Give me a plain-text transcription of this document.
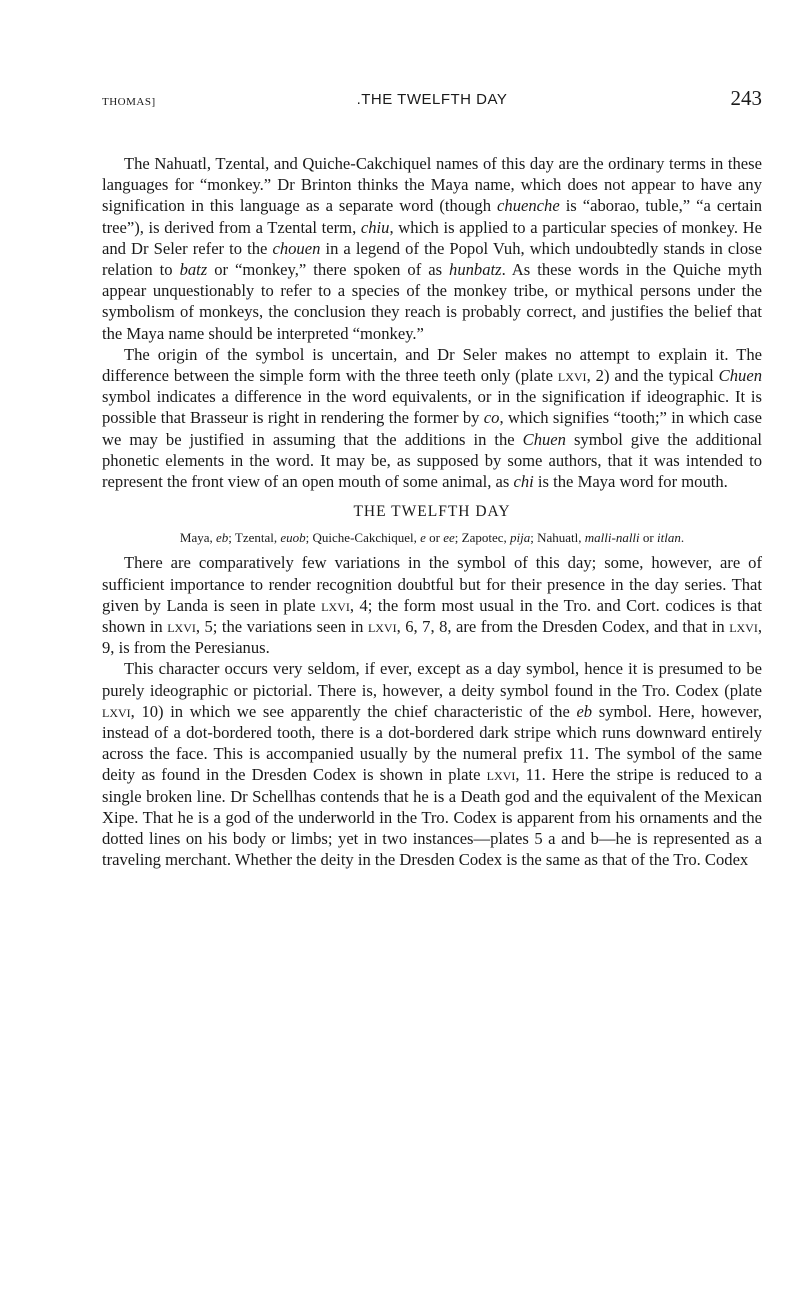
THOMAS]	.THE TWELFTH DAY	243

The Nahuatl, Tzental, and Quiche-Cakchiquel names of this day are the ordinary terms in these languages for “monkey.” Dr Brinton thinks the Maya name, which does not appear to have any signification in this language as a separate word (though chuenche is “aborao, tuble,” “a certain tree”), is derived from a Tzental term, chiu, which is applied to a particular species of monkey. He and Dr Seler refer to the chouen in a legend of the Popol Vuh, which undoubtedly stands in close relation to batz or “monkey,” there spoken of as hunbatz. As these words in the Quiche myth appear unquestionably to refer to a species of the monkey tribe, or mythical persons under the symbolism of monkeys, the conclusion they reach is probably correct, and justifies the belief that the Maya name should be interpreted “monkey.”

The origin of the symbol is uncertain, and Dr Seler makes no attempt to explain it. The difference between the simple form with the three teeth only (plate lxvi, 2) and the typical Chuen symbol indicates a difference in the word equivalents, or in the signification if ideographic. It is possible that Brasseur is right in rendering the former by co, which signifies “tooth;” in which case we may be justified in assuming that the additions in the Chuen symbol give the additional phonetic elements in the word. It may be, as supposed by some authors, that it was intended to represent the front view of an open mouth of some animal, as chi is the Maya word for mouth.

THE TWELFTH DAY
Maya, eb; Tzental, euob; Quiche-Cakchiquel, e or ee; Zapotec, pija; Nahuatl, malli-nalli or itlan.

There are comparatively few variations in the symbol of this day; some, however, are of sufficient importance to render recognition doubtful but for their presence in the day series. That given by Landa is seen in plate lxvi, 4; the form most usual in the Tro. and Cort. codices is that shown in lxvi, 5; the variations seen in lxvi, 6, 7, 8, are from the Dresden Codex, and that in lxvi, 9, is from the Peresianus.

This character occurs very seldom, if ever, except as a day symbol, hence it is presumed to be purely ideographic or pictorial. There is, however, a deity symbol found in the Tro. Codex (plate lxvi, 10) in which we see apparently the chief characteristic of the eb symbol. Here, however, instead of a dot-bordered tooth, there is a dot-bordered dark stripe which runs downward entirely across the face. This is accompanied usually by the numeral prefix 11. The symbol of the same deity as found in the Dresden Codex is shown in plate lxvi, 11. Here the stripe is reduced to a single broken line. Dr Schellhas contends that he is a Death god and the equivalent of the Mexican Xipe. That he is a god of the underworld in the Tro. Codex is apparent from his ornaments and the dotted lines on his body or limbs; yet in two instances—plates 5 a and b—he is represented as a traveling merchant. Whether the deity in the Dresden Codex is the same as that of the Tro. Codex
